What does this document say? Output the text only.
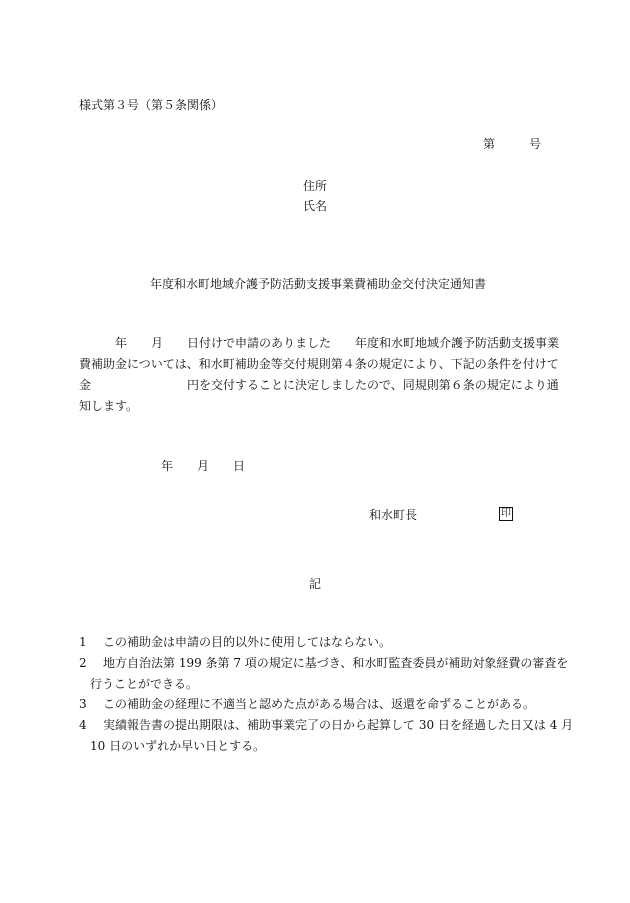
様式第３号（第５条関係）
第	号
住所
氏名
年度和水町地域介護予防活動支援事業費補助金交付決定通知書
年 月 日付けで申請のありました　　年度和水町地域介護予防活動支援事業
費補助金については、和水町補助金等交付規則第４条の規定により、下記の条件を付けて
金	円を交付することに決定しましたので、同規則第６条の規定により通
知します。
年 月 日
和水町長	印
記
1 この補助金は申請の目的以外に使用してはならない。
2 地方自治法第 199 条第 7 項の規定に基づき、和水町監査委員が補助対象経費の審査を
行うことができる。
3 この補助金の経理に不適当と認めた点がある場合は、返還を命ずることがある。
4 実績報告書の提出期限は、補助事業完了の日から起算して 30 日を経過した日又は 4 月
10 日のいずれか早い日とする。
